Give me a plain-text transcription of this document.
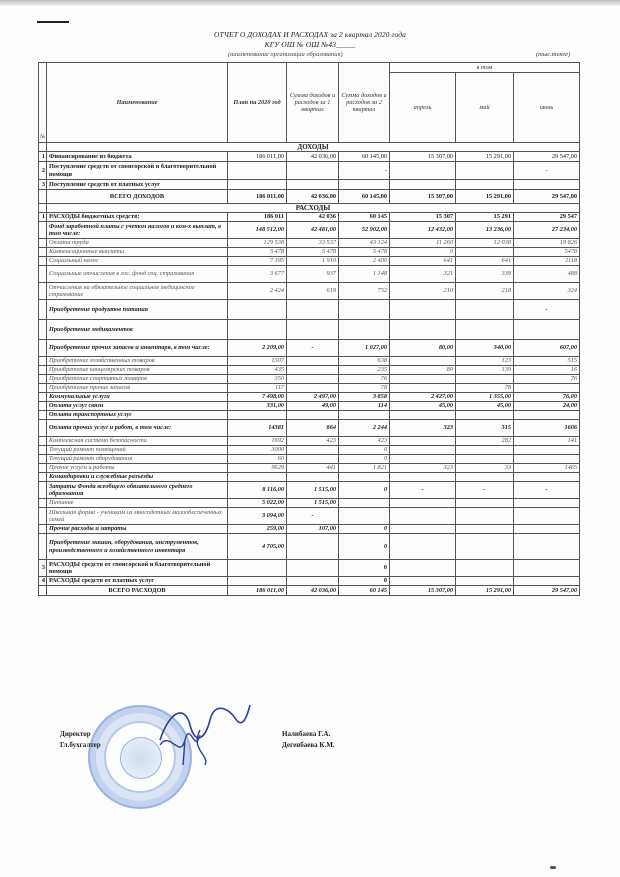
ОТЧЕТ О ДОХОДАХ И РАСХОДАХ за 2 квартал 2020 года
КГУ ОШ № ОШ №43_____
(наименование организации образования)	(тыс.тенге)
№	Наименование	План на 2020 год	Сумма доходов и расходов за 1 квартал	Сумма доходов и расходов за 2 квартал	в том		
					апрель	май	июнь
	ДОХОДЫ						
1	Финансирование из бюджета	186 011,00	42 036,00	60 145,00	15 307,00	15 291,00	29 547,00
2	Поступление средств от спонсорской и благотворительной помощи			-			-
3	Поступление средств от платных услуг						
	ВСЕГО ДОХОДОВ	186 011,00	42 036,00	60 145,00	15 307,00	15 291,00	29 547,00
	РАСХОДЫ						
1	РАСХОДЫ бюджетных средств:	186 011	42 036	60 145	15 307	15 291	29 547
	Фонд заработной платы с учетом налогов и ком-х выплат, в том числе:	148 512,00	42 481,00	52 902,00	12 432,00	13 236,00	27 234,00
	Оплата труда	129 538	33 537	43 124	11 260	12 038	19 826
	Компенсационные выплаты	5 478	5 478	5 478	0		5478
	Социальный налог	7 395	1 910	2 400	641	641	1118
	Социальные отчисления в гос. фонд соц. страхования	3 677	937	1 148	321	339	488
	Отчисления на обязательное социальное медицинское страхование	2 424	619	752	210	218	324
	Приобретение продуктов питания						-
	Приобретение медикаментов						
	Приобретение прочих запасов и инвентаря, в том числе:	2 209,00	-	1 027,00	80,00	340,00	607,00
	Приобретение хозяйственных товаров	1307		638		123	515
	Приобретение канцелярских товаров	435		235	80	139	16
	Приобретение спортивных товаров	350		76			76
	Приобретение прочих запасов	117		78		78	
	Коммунальные услуги	7 498,00	2 497,00	3 858	2 427,00	1 355,00	76,00
	Оплата услуг связи	331,00	49,00	114	45,00	45,00	24,00
	Оплата транспортных услуг						
	Оплата прочих услуг и работ, в том числе:	14381	864	2 244	323	315	1606
	Комплексная система безопасности	1692	423	423		282	141
	Текущий ремонт помещений	3000		0			
	Текущий ремонт оборудования	60		0			
	Прочие услуги и работы	9629	441	1 821	323	33	1465
	Командировки и служебные разъезды						
	Затраты Фонда всеобщего обязательного среднего образования	8 116,00	1 515,00	0	-	-	-
	Питание	5 022,00	1 515,00				
	Школьная форма - ученикам из многодетных малообеспеченных семей	3 094,00	-				
	Прочие расходы и затраты	259,00	107,00	0			
	Приобретение машин, оборудования, инструментов, производственного и хозяйственного инвентаря	4 705,00		0			
3	РАСХОДЫ средств от спонсорской и благотворительной помощи			0			
4	РАСХОДЫ средств от платных услуг			0			
	ВСЕГО РАСХОДОВ	186 011,00	42 036,00	60 145	15 307,00	15 291,00	29 547,00
Директор
Гл.бухгалтер
Налибаева Г.А.
Дегенбаева К.М.
